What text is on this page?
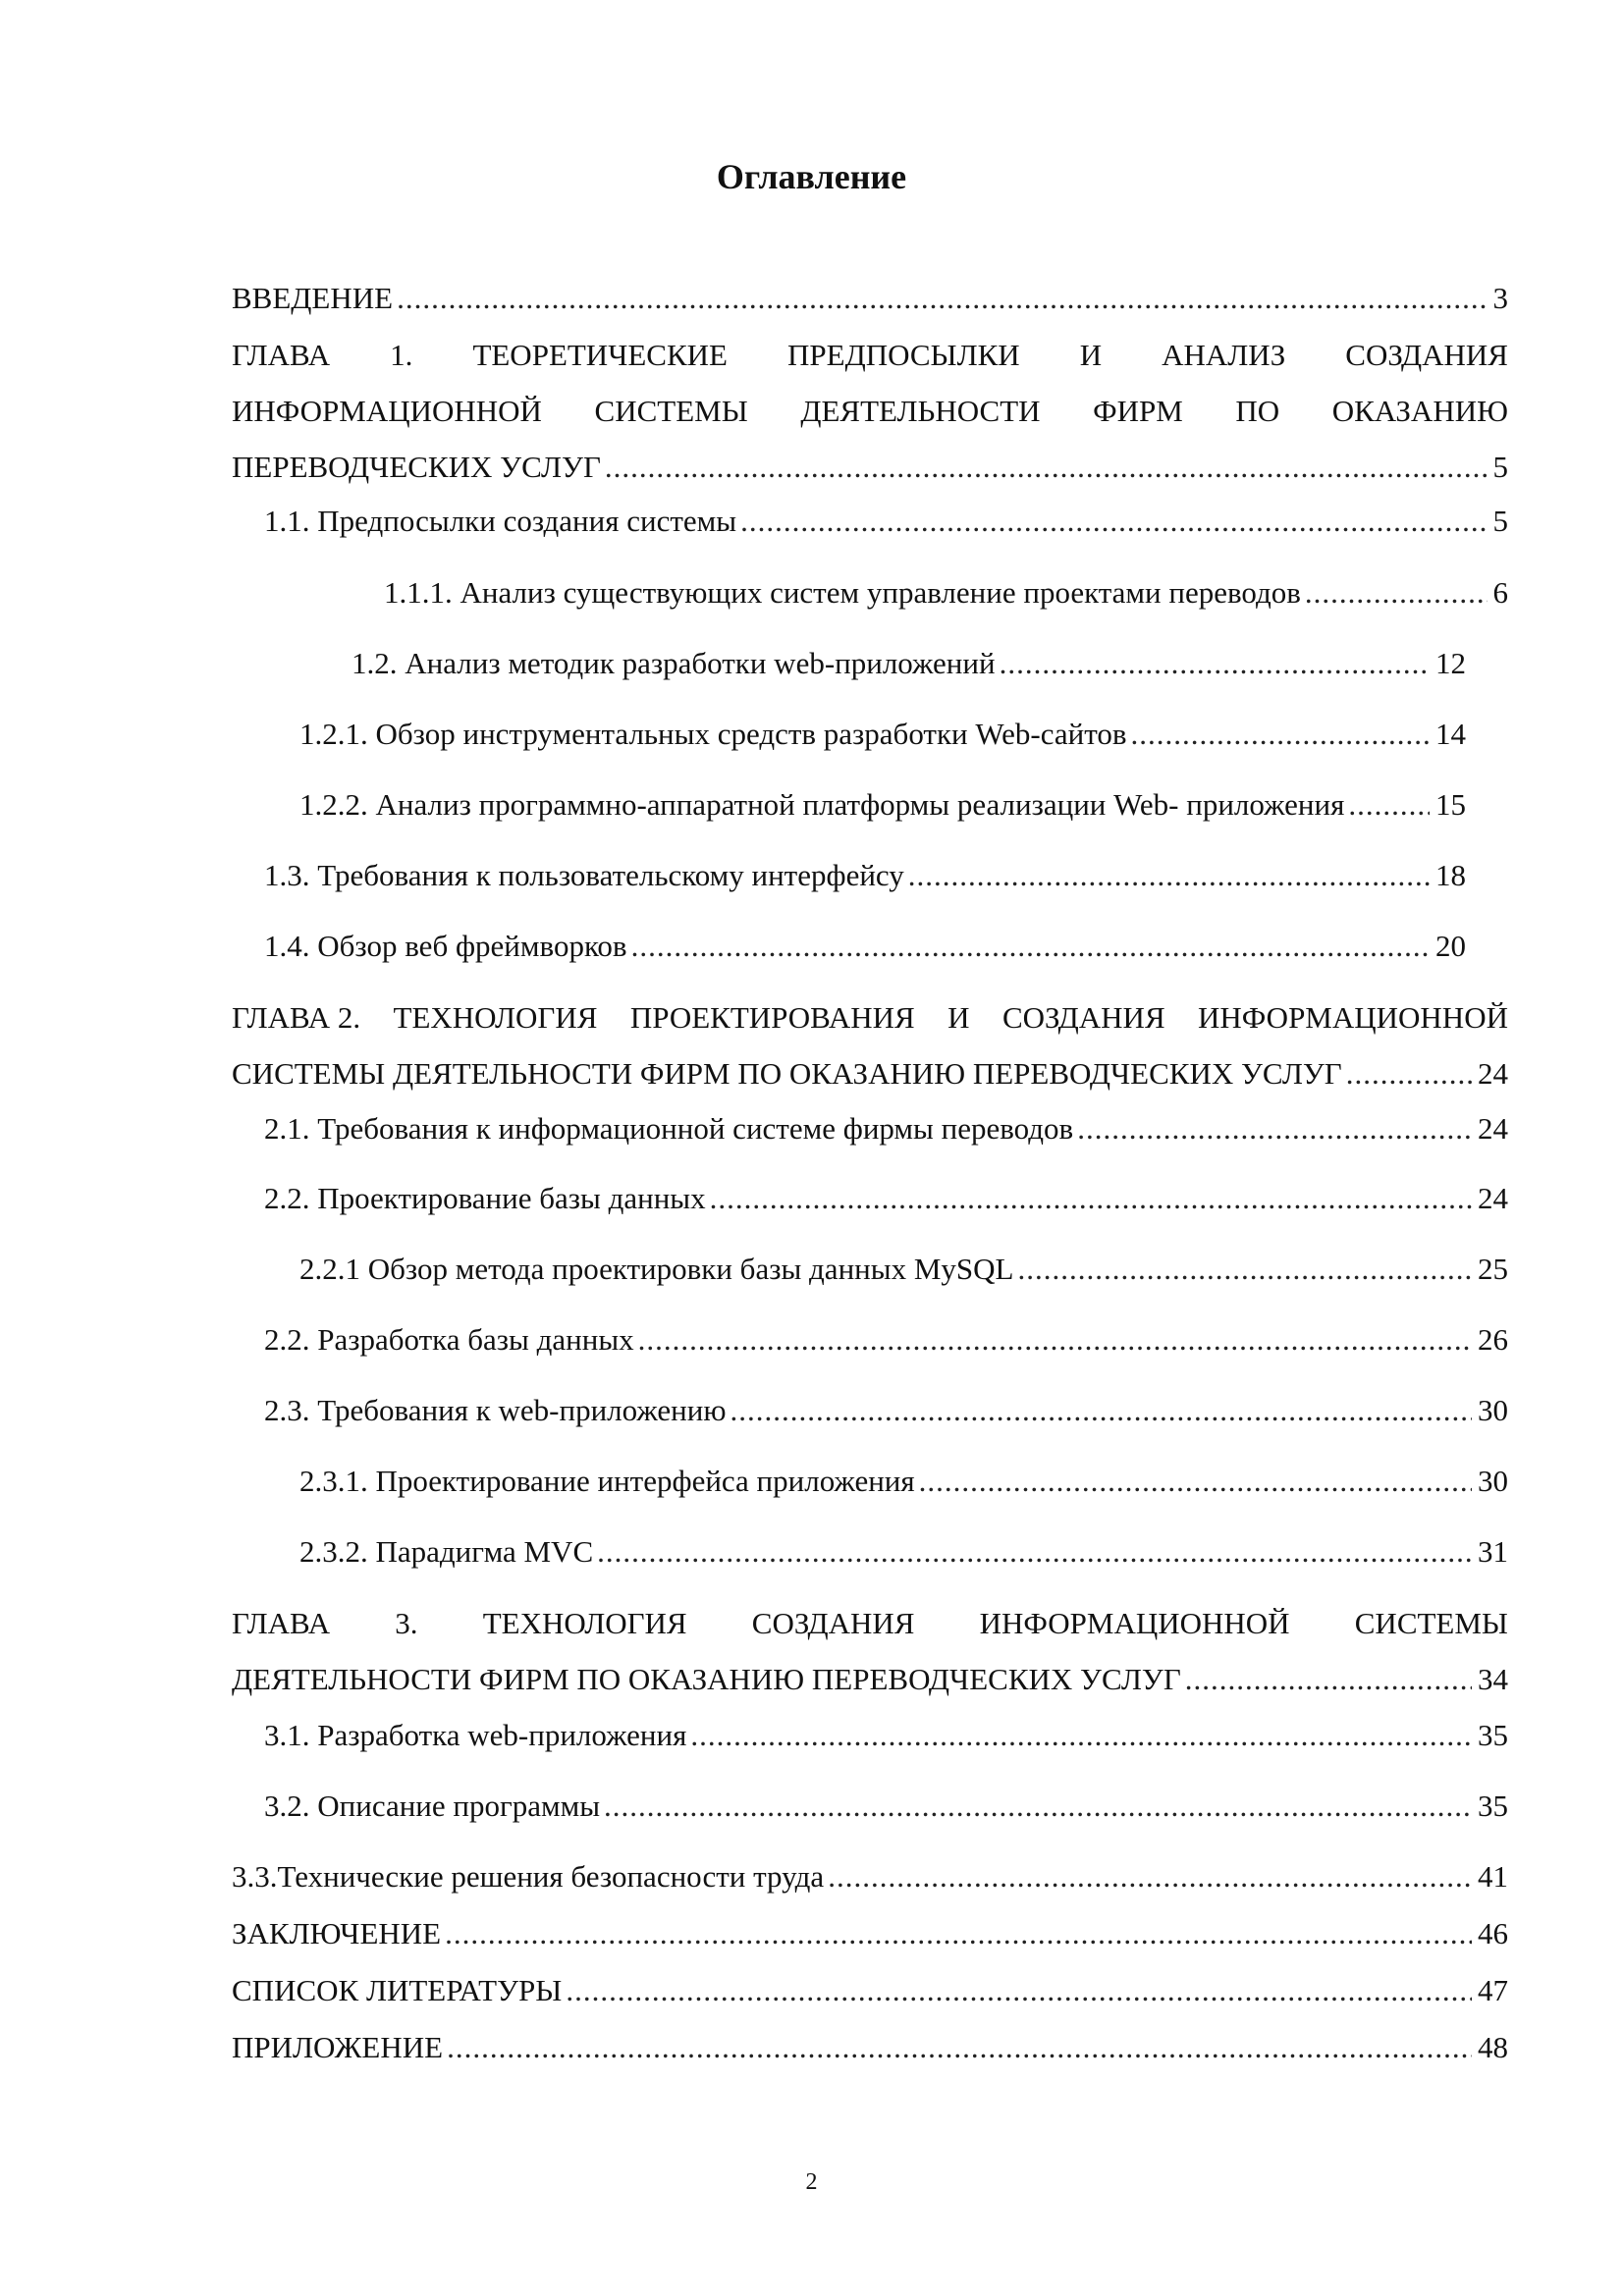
Оглавление
ВВЕДЕНИЕ .....	3
ГЛАВА 1. ТЕОРЕТИЧЕСКИЕ ПРЕДПОСЫЛКИ И АНАЛИЗ СОЗДАНИЯ
ИНФОРМАЦИОННОЙ СИСТЕМЫ ДЕЯТЕЛЬНОСТИ ФИРМ ПО ОКАЗАНИЮ
ПЕРЕВОДЧЕСКИХ УСЛУГ .....	5
1.1. Предпосылки создания системы .....	5
1.1.1. Анализ существующих систем управление проектами переводов .....	6
1.2. Анализ методик разработки web-приложений .....	12
1.2.1. Обзор инструментальных средств разработки Web-сайтов .....	14
1.2.2. Анализ программно-аппаратной платформы реализации Web- приложения .....	15
1.3. Требования к пользовательскому интерфейсу .....	18
1.4. Обзор веб фреймворков .....	20
ГЛАВА 2. ТЕХНОЛОГИЯ ПРОЕКТИРОВАНИЯ И СОЗДАНИЯ ИНФОРМАЦИОННОЙ
СИСТЕМЫ ДЕЯТЕЛЬНОСТИ ФИРМ ПО ОКАЗАНИЮ ПЕРЕВОДЧЕСКИХ УСЛУГ .....	24
2.1. Требования к информационной системе фирмы переводов .....	24
2.2. Проектирование базы данных .....	24
2.2.1 Обзор метода проектировки базы данных MySQL .....	25
2.2. Разработка базы данных .....	26
2.3. Требования к web-приложению .....	30
2.3.1. Проектирование интерфейса приложения .....	30
2.3.2. Парадигма MVC .....	31
ГЛАВА 3. ТЕХНОЛОГИЯ СОЗДАНИЯ ИНФОРМАЦИОННОЙ СИСТЕМЫ
ДЕЯТЕЛЬНОСТИ ФИРМ ПО ОКАЗАНИЮ ПЕРЕВОДЧЕСКИХ УСЛУГ .....	34
3.1. Разработка web-приложения .....	35
3.2. Описание программы .....	35
3.3.Технические решения безопасности труда .....	41
ЗАКЛЮЧЕНИЕ .....	46
СПИСОК ЛИТЕРАТУРЫ .....	47
ПРИЛОЖЕНИЕ .....	48
2
